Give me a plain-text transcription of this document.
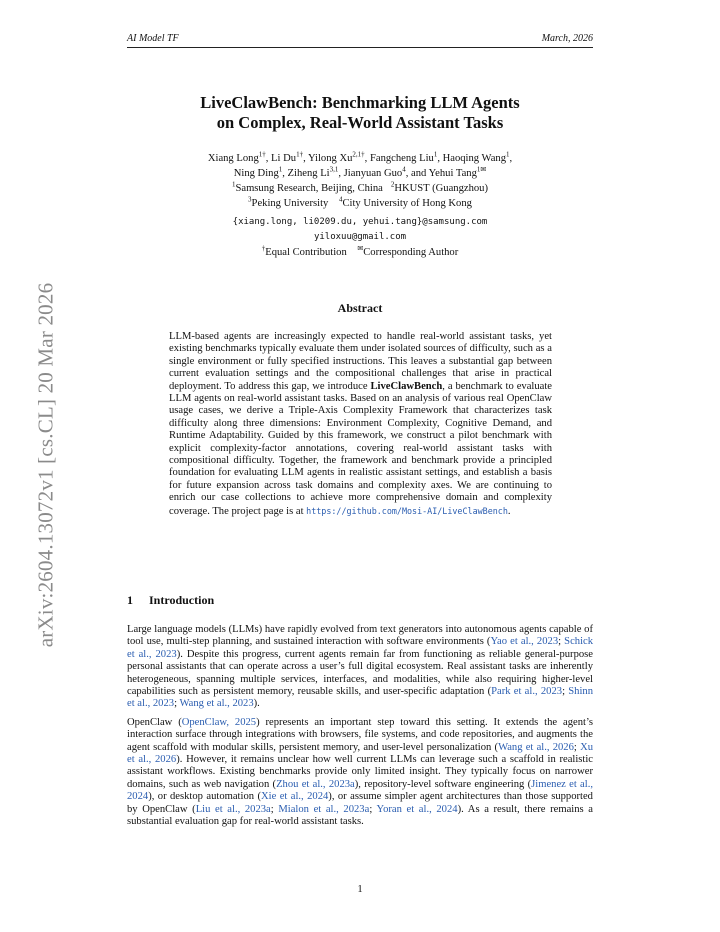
AI Model TF	March, 2026
arXiv:2604.13072v1 [cs.CL] 20 Mar 2026
LiveClawBench: Benchmarking LLM Agents
on Complex, Real-World Assistant Tasks
Xiang Long$^{1\dagger}$, Li $Du^{1\dagger}$, Yilong $Xu^{2,1\dagger}$, Fangcheng Liu$^1$, Haoqing Wang$^1$,
Ning Ding$^1$, Ziheng Li$^{3,1}$, Jianyuan Guo$^4$, and Yehui Tang$^{1✉}$
$^1$Samsung Research, Beijing, China $^2$HKUST (Guangzhou)
$^3$Peking University $^4$City University of Hong Kong
{xiang.long, li0209.du, yehui.tang}@samsung.com
yiloxuu@gmail.com
†Equal Contribution ✉Corresponding Author
Abstract
LLM-based agents are increasingly expected to handle real-world assistant tasks, yet existing benchmarks typically evaluate them under isolated sources of difficulty, such as a single environment or fully specified instructions. This leaves a substantial gap between current evaluation settings and the compositional challenges that arise in practical deployment. To address this gap, we introduce LiveClawBench, a benchmark to evaluate LLM agents on real-world assistant tasks. Based on an analysis of various real OpenClaw usage cases, we derive a Triple-Axis Complexity Framework that characterizes task difficulty along three dimensions: Environment Complexity, Cognitive Demand, and Runtime Adaptability. Guided by this framework, we construct a pilot benchmark with explicit complexity-factor annotations, covering real-world assistant tasks with compositional difficulty. Together, the framework and benchmark provide a principled foundation for evaluating LLM agents in realistic assistant settings, and establish a basis for future expansion across task domains and complexity axes. We are continuing to enrich our case collections to achieve more comprehensive domain and complexity coverage. The project page is at https://github.com/Mosi-AI/LiveClawBench.
1 Introduction

Large language models (LLMs) have rapidly evolved from text generators into autonomous agents capable of tool use, multi-step planning, and sustained interaction with software environments (Yao et al., 2023; Schick et al., 2023). Despite this progress, current agents remain far from functioning as reliable general-purpose personal assistants that can operate across a user’s full digital ecosystem. Real assistant tasks are inherently heterogeneous, spanning multiple services, interfaces, and modalities, while also requiring higher-level capabilities such as persistent memory, reusable skills, and user-specific adaptation (Park et al., 2023; Shinn et al., 2023; Wang et al., 2023).

OpenClaw (OpenClaw, 2025) represents an important step toward this setting. It extends the agent’s interaction surface through integrations with browsers, file systems, and code repositories, and augments the agent scaffold with modular skills, persistent memory, and user-level personalization (Wang et al., 2026; Xu et al., 2026). However, it remains unclear how well current LLMs can leverage such a scaffold in realistic assistant workflows. Existing benchmarks provide only limited insight. They typically focus on narrower domains, such as web navigation (Zhou et al., 2023a), repository-level software engineering (Jimenez et al., 2024), or desktop automation (Xie et al., 2024), or assume simpler agent architectures than those supported by OpenClaw (Liu et al., 2023a; Mialon et al., 2023a; Yoran et al., 2024). As a result, there remains a substantial evaluation gap for real-world assistant tasks.

1
